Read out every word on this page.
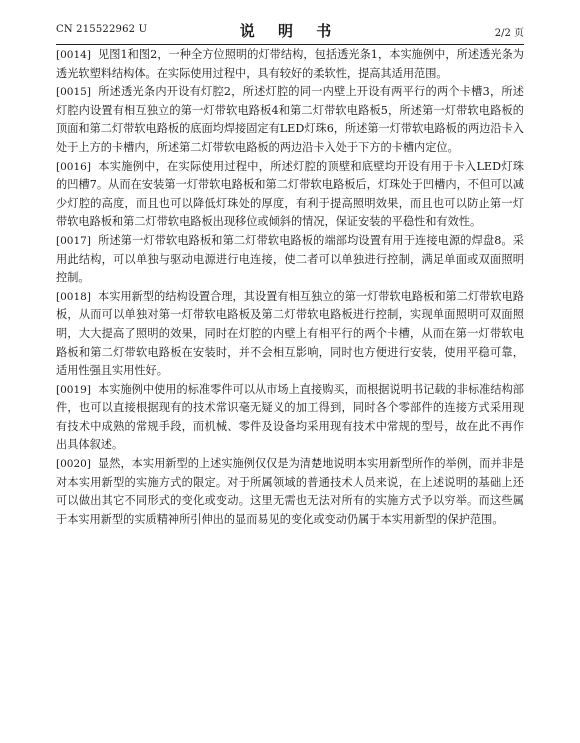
CN 215522962 U	说 明 书	2/2 页

[0014] 见图1和图2，一种全方位照明的灯带结构，包括透光条1，本实施例中，所述透光条为透光软塑料结构体。在实际使用过程中，具有较好的柔软性，提高其适用范围。

[0015] 所述透光条内开设有灯腔2，所述灯腔的同一内壁上开设有两平行的两个卡槽3，所述灯腔内设置有相互独立的第一灯带软电路板4和第二灯带软电路板5，所述第一灯带软电路板的顶面和第二灯带软电路板的底面均焊接固定有LED灯珠6，所述第一灯带软电路板的两边沿卡入处于上方的卡槽内，所述第二灯带软电路板的两边沿卡入处于下方的卡槽内定位。

[0016] 本实施例中，在实际使用过程中，所述灯腔的顶壁和底壁均开设有用于卡入LED灯珠的凹槽7。从而在安装第一灯带软电路板和第二灯带软电路板后，灯珠处于凹槽内，不但可以减少灯腔的高度，而且也可以降低灯珠处的厚度，有利于提高照明效果，而且也可以防止第一灯带软电路板和第二灯带软电路板出现移位或倾斜的情况，保证安装的平稳性和有效性。

[0017] 所述第一灯带软电路板和第二灯带软电路板的端部均设置有用于连接电源的焊盘8。采用此结构，可以单独与驱动电源进行电连接，使二者可以单独进行控制，满足单面或双面照明控制。

[0018] 本实用新型的结构设置合理，其设置有相互独立的第一灯带软电路板和第二灯带软电路板，从而可以单独对第一灯带软电路板及第二灯带软电路板进行控制，实现单面照明可双面照明，大大提高了照明的效果，同时在灯腔的内壁上有相平行的两个卡槽，从而在第一灯带软电路板和第二灯带软电路板在安装时，并不会相互影响，同时也方便进行安装，使用平稳可靠，适用性强且实用性好。

[0019] 本实施例中使用的标准零件可以从市场上直接购买，而根据说明书记载的非标准结构部件，也可以直接根据现有的技术常识毫无疑义的加工得到，同时各个零部件的连接方式采用现有技术中成熟的常规手段，而机械、零件及设备均采用现有技术中常规的型号，故在此不再作出具体叙述。

[0020] 显然，本实用新型的上述实施例仅仅是为清楚地说明本实用新型所作的举例，而并非是对本实用新型的实施方式的限定。对于所属领域的普通技术人员来说，在上述说明的基础上还可以做出其它不同形式的变化或变动。这里无需也无法对所有的实施方式予以穷举。而这些属于本实用新型的实质精神所引伸出的显而易见的变化或变动仍属于本实用新型的保护范围。
